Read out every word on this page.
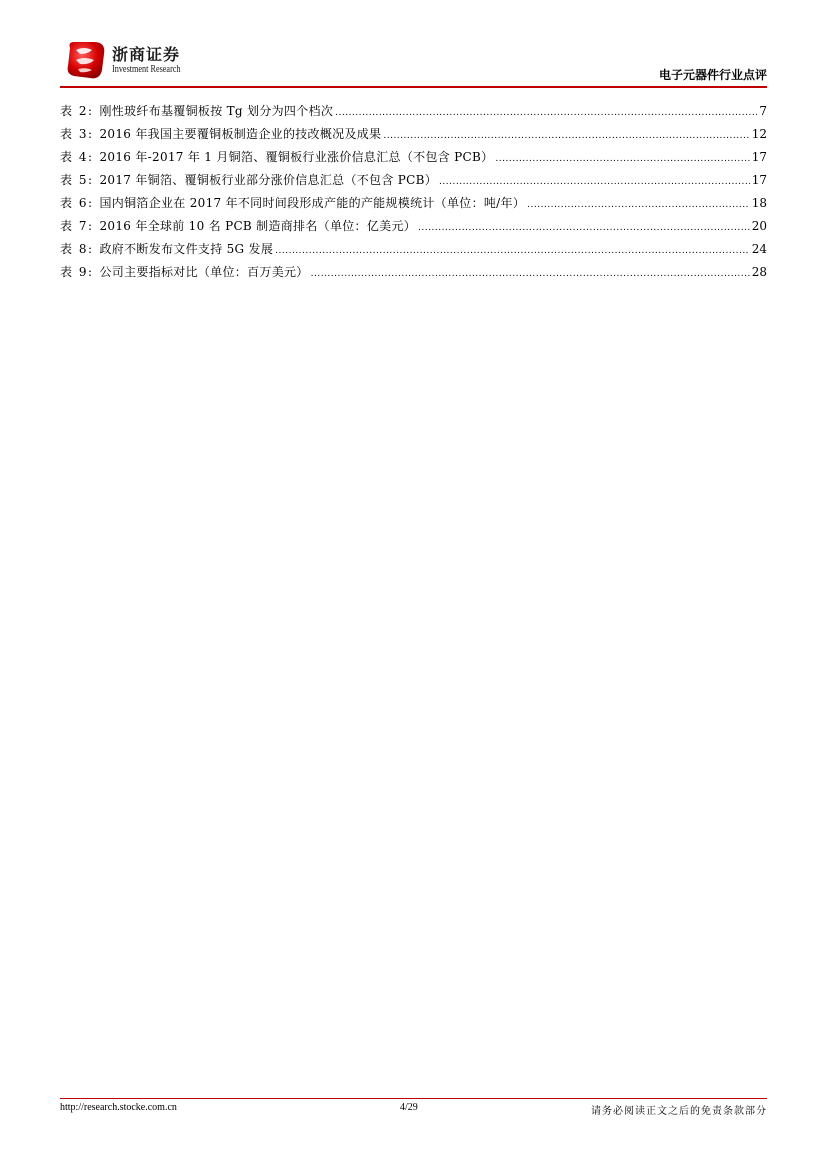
浙商证券
Investment Research	电子元器件行业点评
表 2: 刚性玻纤布基覆铜板按 Tg 划分为四个档次 .....	7
表 3: 2016 年我国主要覆铜板制造企业的技改概况及成果 .....	12
表 4: 2016 年-2017 年 1 月铜箔、覆铜板行业涨价信息汇总（不包含 PCB） .....	17
表 5: 2017 年铜箔、覆铜板行业部分涨价信息汇总（不包含 PCB） .....	17
表 6: 国内铜箔企业在 2017 年不同时间段形成产能的产能规模统计（单位：吨/年） .....	18
表 7: 2016 年全球前 10 名 PCB 制造商排名（单位：亿美元） .....	20
表 8: 政府不断发布文件支持 5G 发展 .....	24
表 9: 公司主要指标对比（单位：百万美元） .....	28
http://research.stocke.com.cn	4/29	请务必阅读正文之后的免责条款部分
